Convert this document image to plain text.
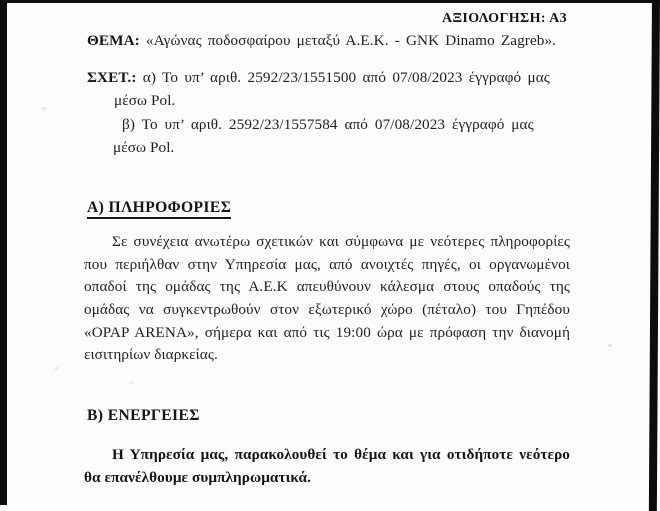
ΑΞΙΟΛΟΓΗΣΗ: Α3
ΘΕΜΑ: «Αγώνας ποδοσφαίρου μεταξύ Α.Ε.Κ. - GNK Dinamo Zagreb».
ΣΧΕΤ.: α) Το υπ’ αριθ. 2592/23/1551500 από 07/08/2023 έγγραφό μας
μέσω Pol.
β) Το υπ’ αριθ. 2592/23/1557584 από 07/08/2023 έγγραφό μας
μέσω Pol.
Α) ΠΛΗΡΟΦΟΡΙΕΣ
Σε συνέχεια ανωτέρω σχετικών και σύμφωνα με νεότερες πληροφορίες
που περιήλθαν στην Υπηρεσία μας, από ανοιχτές πηγές, οι οργανωμένοι
οπαδοί της ομάδας της Α.Ε.Κ απευθύνουν κάλεσμα στους οπαδούς της
ομάδας να συγκεντρωθούν στον εξωτερικό χώρο (πέταλο) του Γηπέδου
«OPAP ARENA», σήμερα και από τις 19:00 ώρα με πρόφαση την διανομή
εισιτηρίων διαρκείας.
Β) ΕΝΕΡΓΕΙΕΣ
Η Υπηρεσία μας, παρακολουθεί το θέμα και για οτιδήποτε νεότερο
θα επανέλθουμε συμπληρωματικά.
